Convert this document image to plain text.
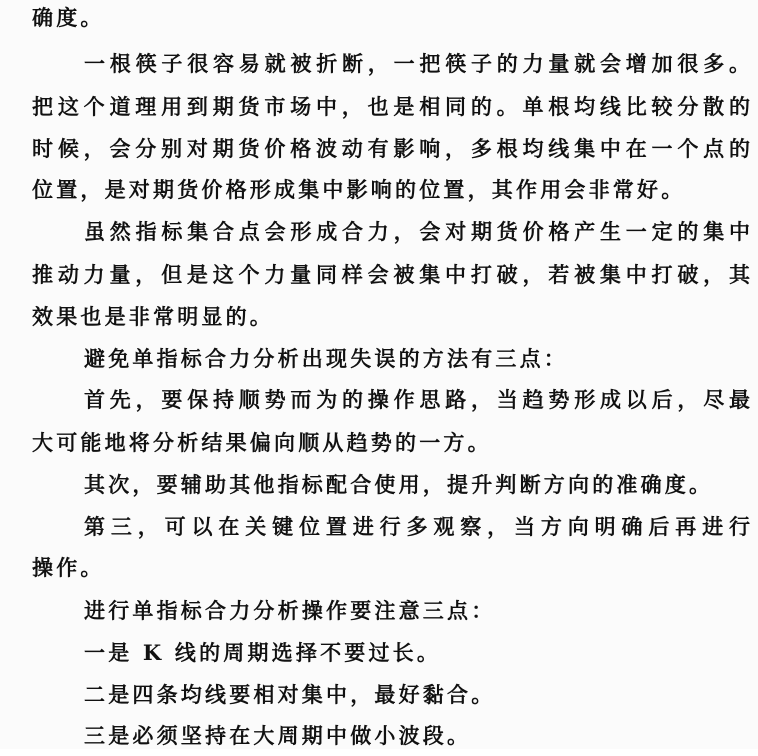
确度。
一根筷子很容易就被折断，一把筷子的力量就会增加很多。
把这个道理用到期货市场中，也是相同的。单根均线比较分散的
时候，会分别对期货价格波动有影响，多根均线集中在一个点的
位置，是对期货价格形成集中影响的位置，其作用会非常好。
虽然指标集合点会形成合力，会对期货价格产生一定的集中
推动力量，但是这个力量同样会被集中打破，若被集中打破，其
效果也是非常明显的。
避免单指标合力分析出现失误的方法有三点：
首先，要保持顺势而为的操作思路，当趋势形成以后，尽最
大可能地将分析结果偏向顺从趋势的一方。
其次，要辅助其他指标配合使用，提升判断方向的准确度。
第三，可以在关键位置进行多观察，当方向明确后再进行
操作。
进行单指标合力分析操作要注意三点：
一是 K 线的周期选择不要过长。
二是四条均线要相对集中，最好黏合。
三是必须坚持在大周期中做小波段。
